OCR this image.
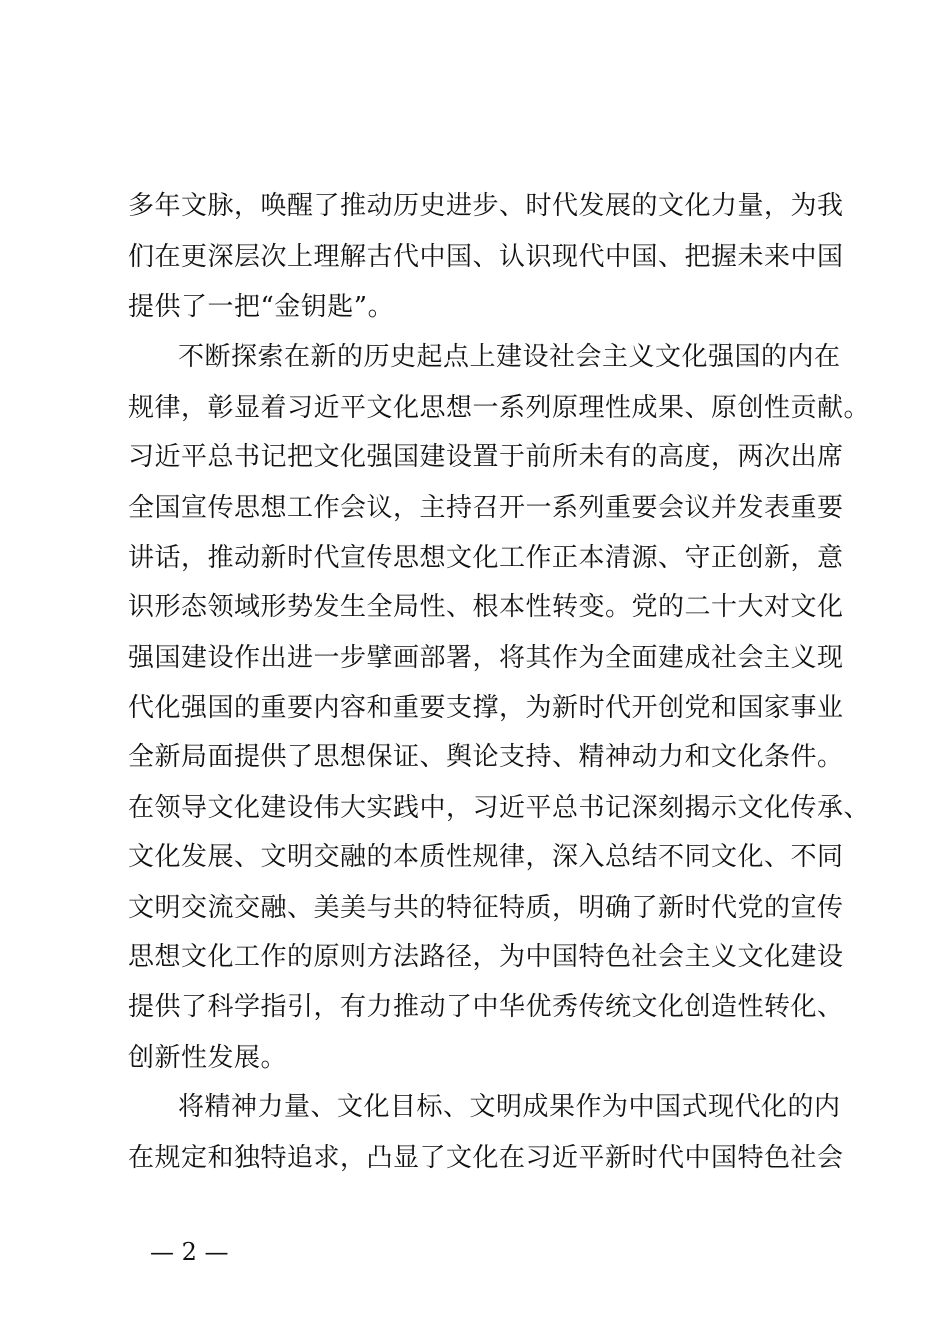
多年文脉，唤醒了推动历史进步、时代发展的文化力量，为我
们在更深层次上理解古代中国、认识现代中国、把握未来中国
提供了一把“金钥匙”。
不断探索在新的历史起点上建设社会主义文化强国的内在
规律，彰显着习近平文化思想一系列原理性成果、原创性贡献。
习近平总书记把文化强国建设置于前所未有的高度，两次出席
全国宣传思想工作会议，主持召开一系列重要会议并发表重要
讲话，推动新时代宣传思想文化工作正本清源、守正创新，意
识形态领域形势发生全局性、根本性转变。党的二十大对文化
强国建设作出进一步擘画部署，将其作为全面建成社会主义现
代化强国的重要内容和重要支撑，为新时代开创党和国家事业
全新局面提供了思想保证、舆论支持、精神动力和文化条件。
在领导文化建设伟大实践中，习近平总书记深刻揭示文化传承、
文化发展、文明交融的本质性规律，深入总结不同文化、不同
文明交流交融、美美与共的特征特质，明确了新时代党的宣传
思想文化工作的原则方法路径，为中国特色社会主义文化建设
提供了科学指引，有力推动了中华优秀传统文化创造性转化、
创新性发展。
将精神力量、文化目标、文明成果作为中国式现代化的内
在规定和独特追求，凸显了文化在习近平新时代中国特色社会
— 2 —
